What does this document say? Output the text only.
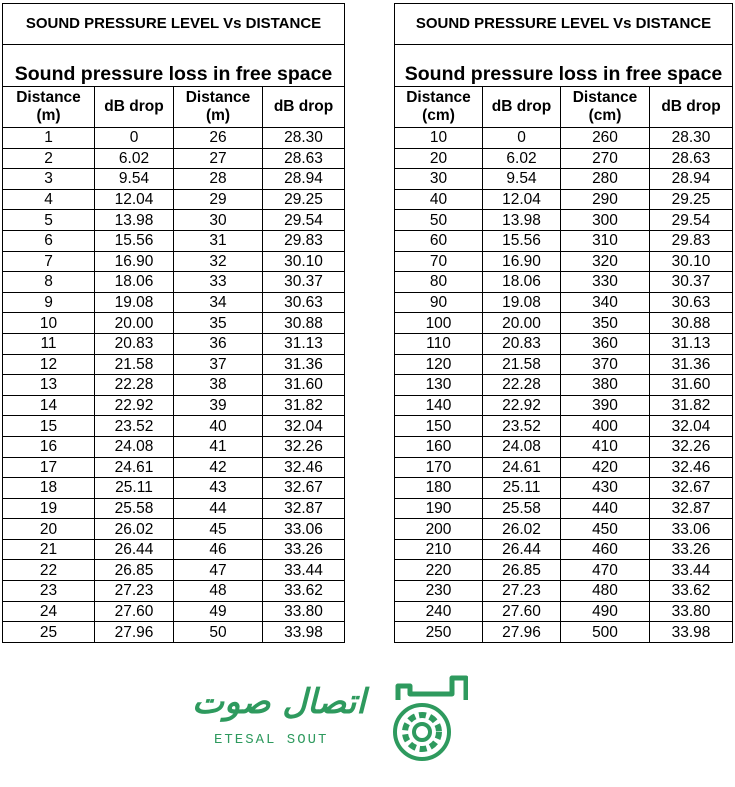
SOUND PRESSURE LEVEL Vs DISTANCE			
Sound pressure loss in free space			
Distance (m)	dB drop	Distance (m)	dB drop
1	0	26	28.30
2	6.02	27	28.63
3	9.54	28	28.94
4	12.04	29	29.25
5	13.98	30	29.54
6	15.56	31	29.83
7	16.90	32	30.10
8	18.06	33	30.37
9	19.08	34	30.63
10	20.00	35	30.88
11	20.83	36	31.13
12	21.58	37	31.36
13	22.28	38	31.60
14	22.92	39	31.82
15	23.52	40	32.04
16	24.08	41	32.26
17	24.61	42	32.46
18	25.11	43	32.67
19	25.58	44	32.87
20	26.02	45	33.06
21	26.44	46	33.26
22	26.85	47	33.44
23	27.23	48	33.62
24	27.60	49	33.80
25	27.96	50	33.98
SOUND PRESSURE LEVEL Vs DISTANCE			
Sound pressure loss in free space			
Distance (cm)	dB drop	Distance (cm)	dB drop
10	0	260	28.30
20	6.02	270	28.63
30	9.54	280	28.94
40	12.04	290	29.25
50	13.98	300	29.54
60	15.56	310	29.83
70	16.90	320	30.10
80	18.06	330	30.37
90	19.08	340	30.63
100	20.00	350	30.88
110	20.83	360	31.13
120	21.58	370	31.36
130	22.28	380	31.60
140	22.92	390	31.82
150	23.52	400	32.04
160	24.08	410	32.26
170	24.61	420	32.46
180	25.11	430	32.67
190	25.58	440	32.87
200	26.02	450	33.06
210	26.44	460	33.26
220	26.85	470	33.44
230	27.23	480	33.62
240	27.60	490	33.80
250	27.96	500	33.98
اتصال صوت
ETESAL SOUT
